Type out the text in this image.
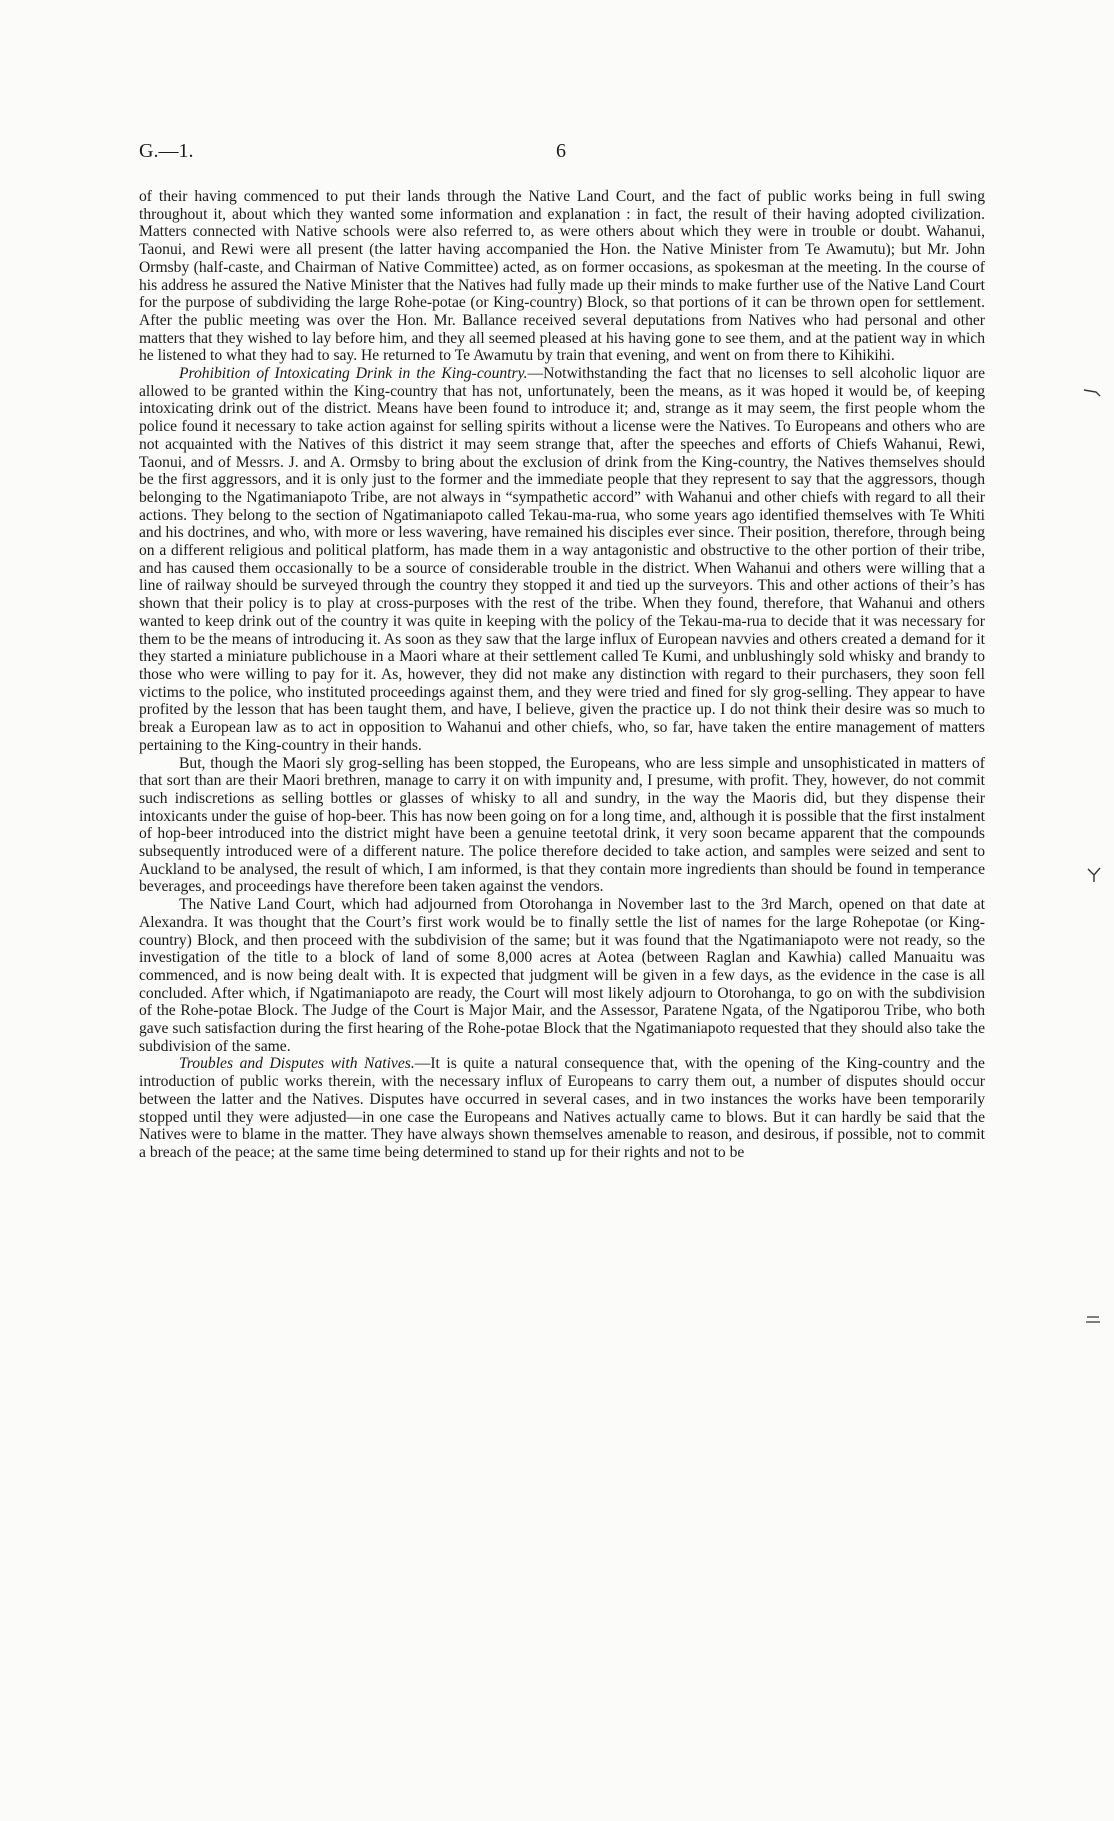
G.—1.	6

of their having commenced to put their lands through the Native Land Court, and the fact of public works being in full swing throughout it, about which they wanted some information and explanation : in fact, the result of their having adopted civilization. Matters connected with Native schools were also referred to, as were others about which they were in trouble or doubt. Wahanui, Taonui, and Rewi were all present (the latter having accompanied the Hon. the Native Minister from Te Awamutu); but Mr. John Ormsby (half-caste, and Chairman of Native Committee) acted, as on former occasions, as spokesman at the meeting. In the course of his address he assured the Native Minister that the Natives had fully made up their minds to make further use of the Native Land Court for the purpose of subdividing the large Rohe-potae (or King-country) Block, so that portions of it can be thrown open for settlement. After the public meeting was over the Hon. Mr. Ballance received several deputations from Natives who had personal and other matters that they wished to lay before him, and they all seemed pleased at his having gone to see them, and at the patient way in which he listened to what they had to say. He returned to Te Awamutu by train that evening, and went on from there to Kihikihi.

Prohibition of Intoxicating Drink in the King-country.—Notwithstanding the fact that no licenses to sell alcoholic liquor are allowed to be granted within the King-country that has not, unfortunately, been the means, as it was hoped it would be, of keeping intoxicating drink out of the district. Means have been found to introduce it; and, strange as it may seem, the first people whom the police found it necessary to take action against for selling spirits without a license were the Natives. To Europeans and others who are not acquainted with the Natives of this district it may seem strange that, after the speeches and efforts of Chiefs Wahanui, Rewi, Taonui, and of Messrs. J. and A. Ormsby to bring about the exclusion of drink from the King-country, the Natives themselves should be the first aggressors, and it is only just to the former and the immediate people that they represent to say that the aggressors, though belonging to the Ngatimaniapoto Tribe, are not always in “sympathetic accord” with Wahanui and other chiefs with regard to all their actions. They belong to the section of Ngatimaniapoto called Tekau-ma-rua, who some years ago identified themselves with Te Whiti and his doctrines, and who, with more or less wavering, have remained his disciples ever since. Their position, therefore, through being on a different religious and political platform, has made them in a way antagonistic and obstructive to the other portion of their tribe, and has caused them occasionally to be a source of considerable trouble in the district. When Wahanui and others were willing that a line of railway should be surveyed through the country they stopped it and tied up the surveyors. This and other actions of their’s has shown that their policy is to play at cross-purposes with the rest of the tribe. When they found, therefore, that Wahanui and others wanted to keep drink out of the country it was quite in keeping with the policy of the Tekau-ma-rua to decide that it was necessary for them to be the means of introducing it. As soon as they saw that the large influx of European navvies and others created a demand for it they started a miniature publichouse in a Maori whare at their settlement called Te Kumi, and unblushingly sold whisky and brandy to those who were willing to pay for it. As, however, they did not make any distinction with regard to their purchasers, they soon fell victims to the police, who instituted proceedings against them, and they were tried and fined for sly grog-selling. They appear to have profited by the lesson that has been taught them, and have, I believe, given the practice up. I do not think their desire was so much to break a European law as to act in opposition to Wahanui and other chiefs, who, so far, have taken the entire management of matters pertaining to the King-country in their hands.

But, though the Maori sly grog-selling has been stopped, the Europeans, who are less simple and unsophisticated in matters of that sort than are their Maori brethren, manage to carry it on with impunity and, I presume, with profit. They, however, do not commit such indiscretions as selling bottles or glasses of whisky to all and sundry, in the way the Maoris did, but they dispense their intoxicants under the guise of hop-beer. This has now been going on for a long time, and, although it is possible that the first instalment of hop-beer introduced into the district might have been a genuine teetotal drink, it very soon became apparent that the compounds subsequently introduced were of a different nature. The police therefore decided to take action, and samples were seized and sent to Auckland to be analysed, the result of which, I am informed, is that they contain more ingredients than should be found in temperance beverages, and proceedings have therefore been taken against the vendors.

The Native Land Court, which had adjourned from Otorohanga in November last to the 3rd March, opened on that date at Alexandra. It was thought that the Court’s first work would be to finally settle the list of names for the large Rohepotae (or King-country) Block, and then proceed with the subdivision of the same; but it was found that the Ngatimaniapoto were not ready, so the investigation of the title to a block of land of some 8,000 acres at Aotea (between Raglan and Kawhia) called Manuaitu was commenced, and is now being dealt with. It is expected that judgment will be given in a few days, as the evidence in the case is all concluded. After which, if Ngatimaniapoto are ready, the Court will most likely adjourn to Otorohanga, to go on with the subdivision of the Rohe-potae Block. The Judge of the Court is Major Mair, and the Assessor, Paratene Ngata, of the Ngatiporou Tribe, who both gave such satisfaction during the first hearing of the Rohe-potae Block that the Ngatimaniapoto requested that they should also take the subdivision of the same.

Troubles and Disputes with Natives.—It is quite a natural consequence that, with the opening of the King-country and the introduction of public works therein, with the necessary influx of Europeans to carry them out, a number of disputes should occur between the latter and the Natives. Disputes have occurred in several cases, and in two instances the works have been temporarily stopped until they were adjusted—in one case the Europeans and Natives actually came to blows. But it can hardly be said that the Natives were to blame in the matter. They have always shown themselves amenable to reason, and desirous, if possible, not to commit a breach of the peace; at the same time being determined to stand up for their rights and not to be
